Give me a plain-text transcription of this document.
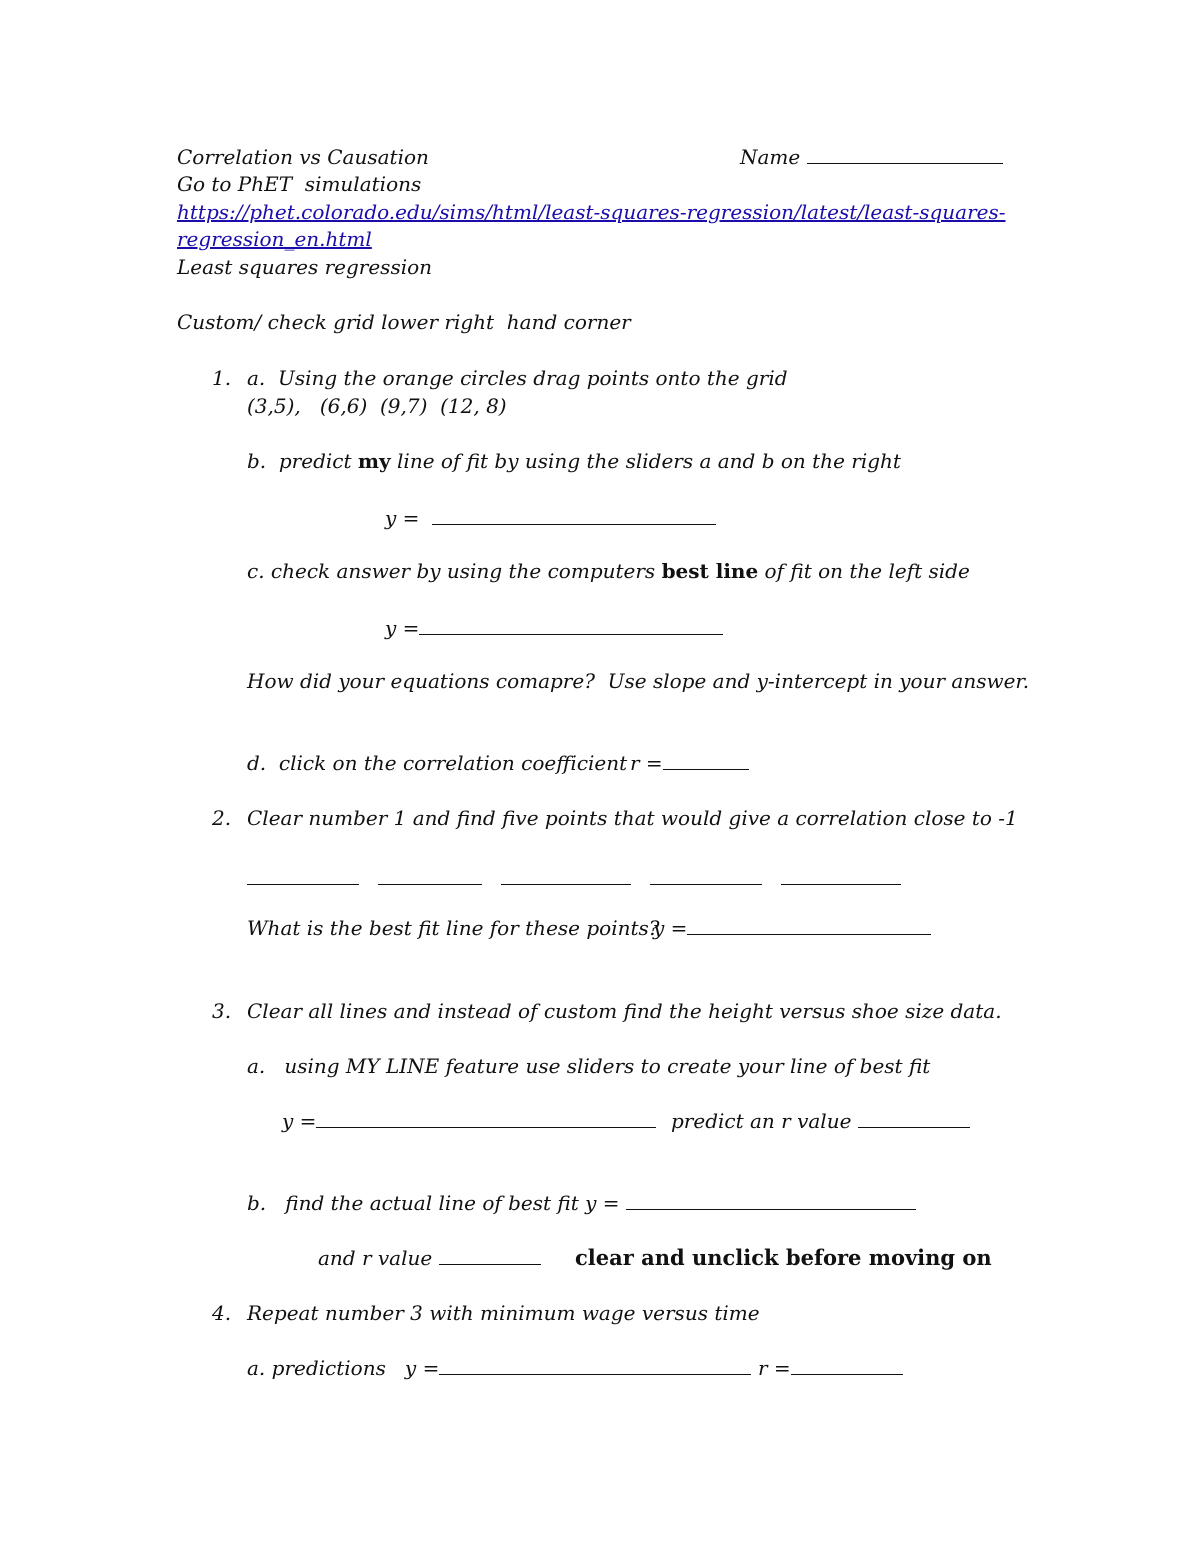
Correlation vs Causation	Name
Go to PhET  simulations
https://phet.colorado.edu/sims/html/least-squares-regression/latest/least-squares-
regression_en.html
Least squares regression
Custom/ check grid lower right  hand corner
1. a.  Using the orange circles drag points onto the grid
(3,5),   (6,6)  (9,7)  (12, 8)
b.  predict my line of fit by using the sliders a and b on the right
y =
c. check answer by using the computers best line of fit on the left side
y =
How did your equations comapre?  Use slope and y-intercept in your answer.
d.  click on the correlation coefficient r =
2. Clear number 1 and find five points that would give a correlation close to -1

What is the best fit line for these points?
y =
3. Clear all lines and instead of custom find the height versus shoe size data.
a.   using MY LINE feature use sliders to create your line of best fit
y =	predict an r value
b.   find the actual line of best fit y =
and r value	clear and unclick before moving on
4. Repeat number 3 with minimum wage versus time
a. predictions   y =	r =
